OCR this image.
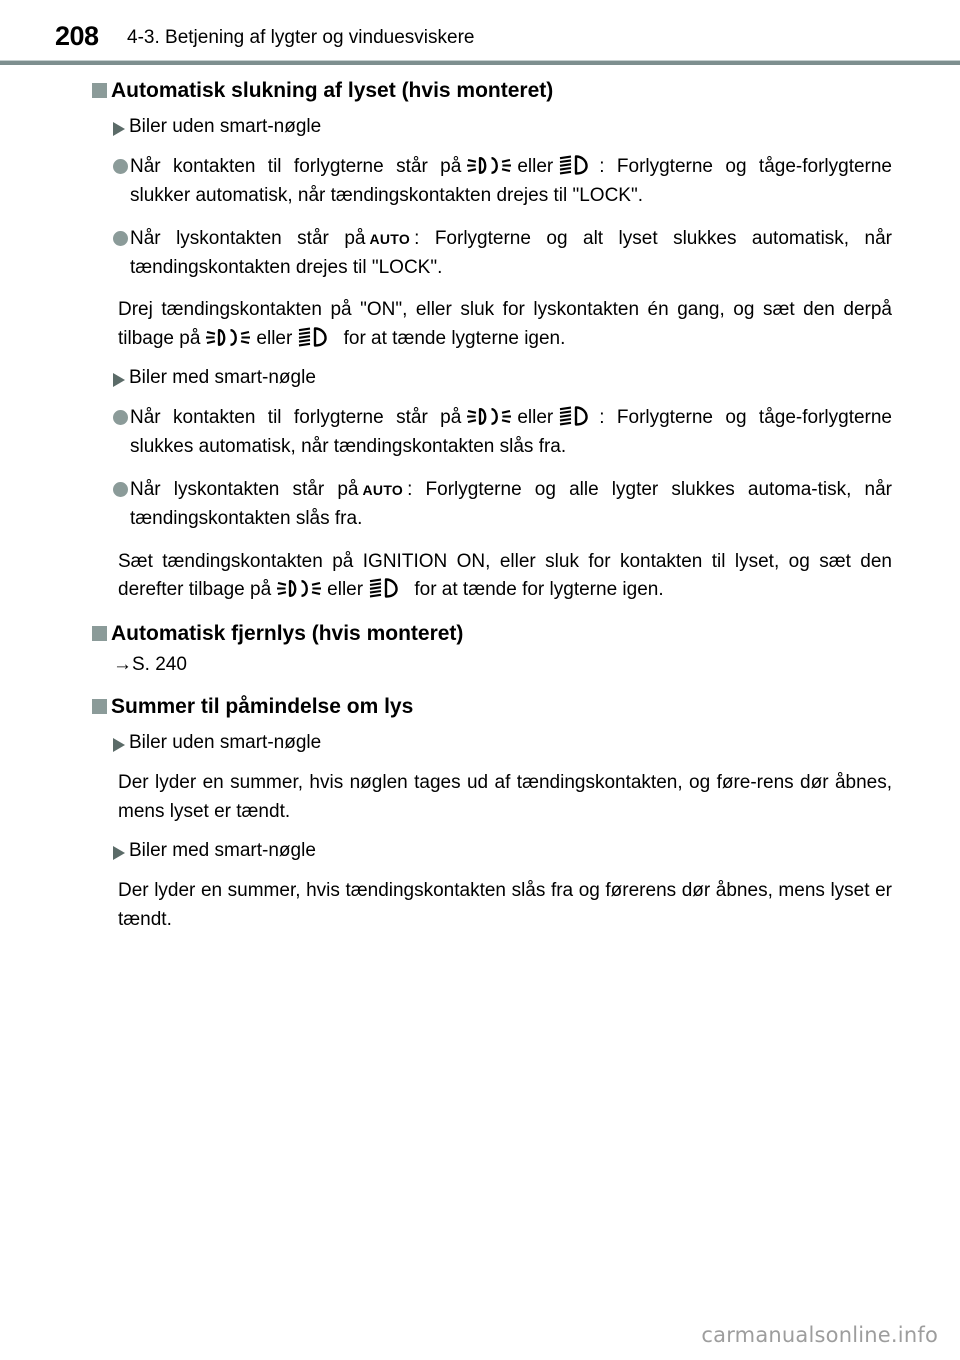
208 4-3. Betjening af lygter og vinduesviskere
Automatisk slukning af lyset (hvis monteret)
Biler uden smart-nøgle
Når kontakten til forlygterne står på	eller : Forlygterne og tåge-forlygterne slukker automatisk, når tændingskontakten drejes til "LOCK".
Når lyskontakten står på AUTO : Forlygterne og alt lyset slukkes automatisk, når tændingskontakten drejes til "LOCK".
Drej tændingskontakten på "ON", eller sluk for lyskontakten én gang, og sæt den derpå tilbage på	eller	for at tænde lygterne igen.
Biler med smart-nøgle
Når kontakten til forlygterne står på	eller : Forlygterne og tåge-forlygterne slukkes automatisk, når tændingskontakten slås fra.
Når lyskontakten står på AUTO : Forlygterne og alle lygter slukkes automa-tisk, når tændingskontakten slås fra.
Sæt tændingskontakten på IGNITION ON, eller sluk for kontakten til lyset, og sæt den derefter tilbage på	eller	for at tænde for lygterne igen.
Automatisk fjernlys (hvis monteret)
→S. 240
Summer til påmindelse om lys
Biler uden smart-nøgle
Der lyder en summer, hvis nøglen tages ud af tændingskontakten, og føre-rens dør åbnes, mens lyset er tændt.
Biler med smart-nøgle
Der lyder en summer, hvis tændingskontakten slås fra og førerens dør åbnes, mens lyset er tændt.
carmanualsonline.info
